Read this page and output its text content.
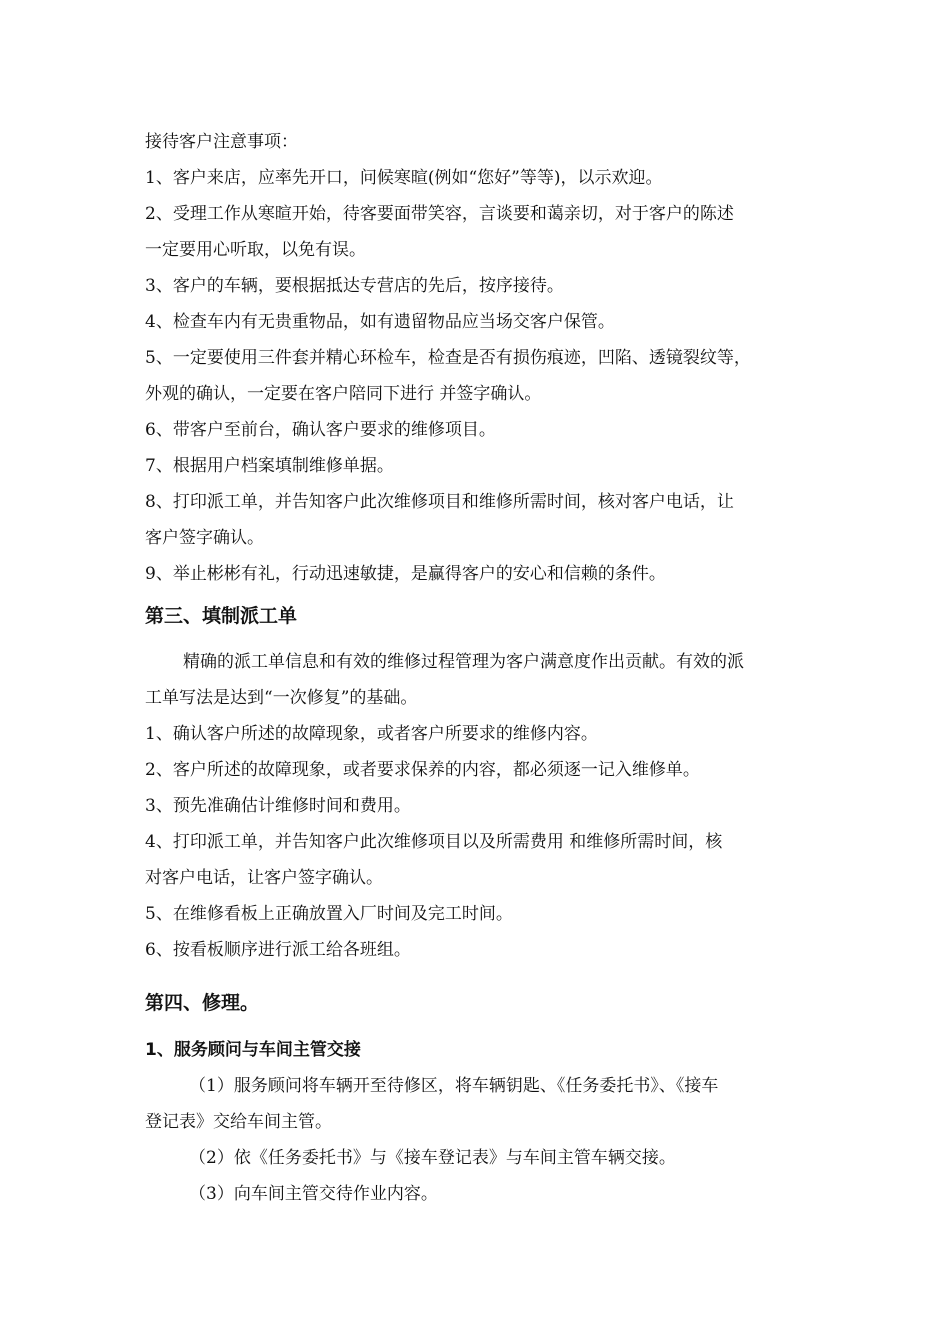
接待客户注意事项：

1、客户来店，应率先开口，问候寒暄(例如“您好”等等)，以示欢迎。

2、受理工作从寒暄开始，待客要面带笑容，言谈要和蔼亲切，对于客户的陈述

一定要用心听取，以免有误。

3、客户的车辆，要根据抵达专营店的先后，按序接待。

4、检查车内有无贵重物品，如有遗留物品应当场交客户保管。

5、一定要使用三件套并精心环检车，检查是否有损伤痕迹，凹陷、透镜裂纹等，

外观的确认，一定要在客户陪同下进行 并签字确认。

6、带客户至前台，确认客户要求的维修项目。

7、根据用户档案填制维修单据。

8、打印派工单，并告知客户此次维修项目和维修所需时间，核对客户电话，让

客户签字确认。

9、举止彬彬有礼，行动迅速敏捷，是赢得客户的安心和信赖的条件。

第三、填制派工单

精确的派工单信息和有效的维修过程管理为客户满意度作出贡献。有效的派

工单写法是达到“一次修复”的基础。

1、确认客户所述的故障现象，或者客户所要求的维修内容。

2、客户所述的故障现象，或者要求保养的内容，都必须逐一记入维修单。

3、预先准确估计维修时间和费用。

4、打印派工单，并告知客户此次维修项目以及所需费用 和维修所需时间，核

对客户电话，让客户签字确认。

5、在维修看板上正确放置入厂时间及完工时间。

6、按看板顺序进行派工给各班组。

第四、修理。
1、服务顾问与车间主管交接

（1）服务顾问将车辆开至待修区，将车辆钥匙、《任务委托书》、《接车

登记表》交给车间主管。

（2）依《任务委托书》与《接车登记表》与车间主管车辆交接。

（3）向车间主管交待作业内容。
